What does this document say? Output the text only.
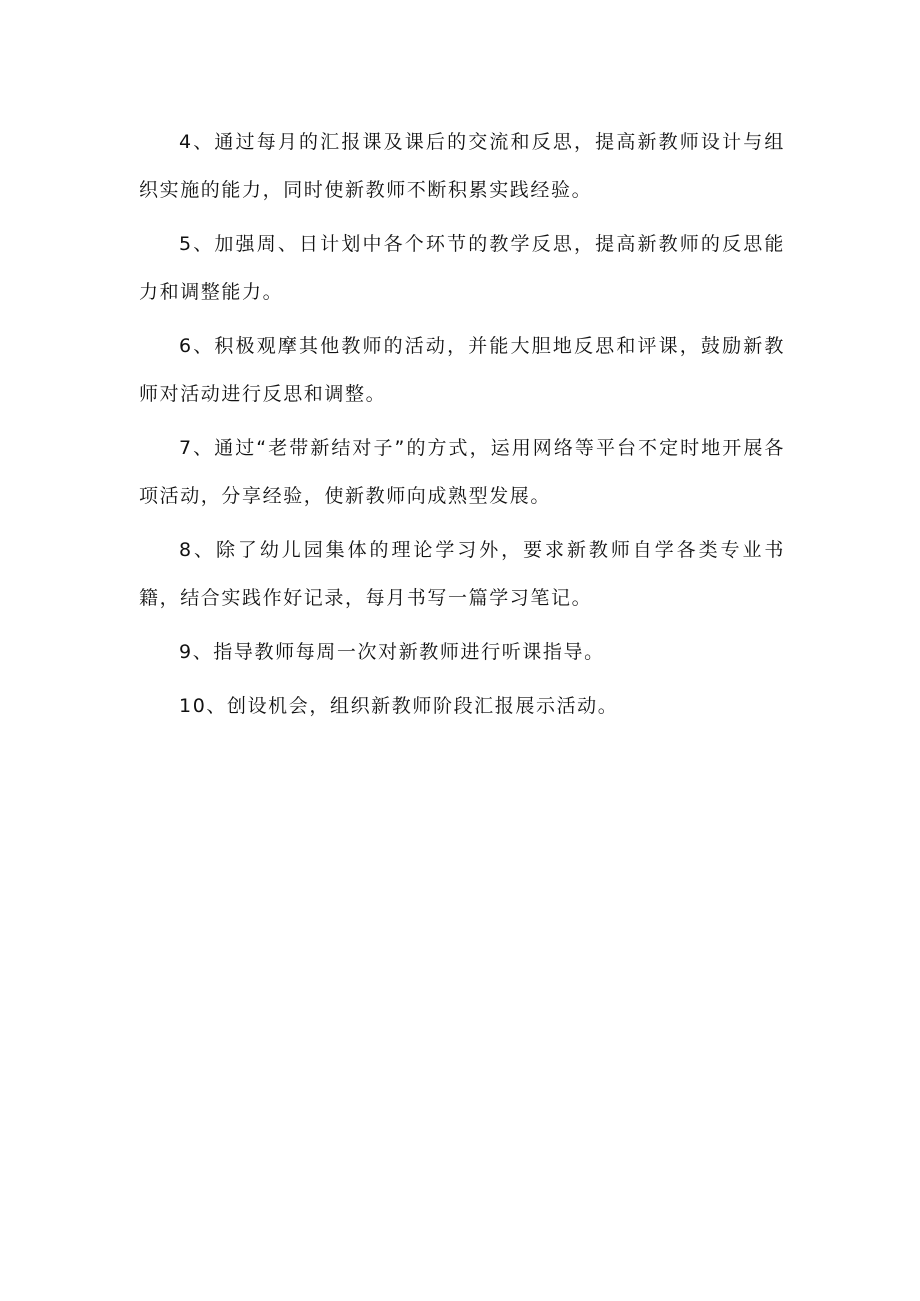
4、通过每月的汇报课及课后的交流和反思，提高新教师设计与组织实施的能力，同时使新教师不断积累实践经验。

5、加强周、日计划中各个环节的教学反思，提高新教师的反思能力和调整能力。

6、积极观摩其他教师的活动，并能大胆地反思和评课，鼓励新教师对活动进行反思和调整。

7、通过“老带新结对子”的方式，运用网络等平台不定时地开展各项活动，分享经验，使新教师向成熟型发展。

8、除了幼儿园集体的理论学习外，要求新教师自学各类专业书籍，结合实践作好记录，每月书写一篇学习笔记。

9、指导教师每周一次对新教师进行听课指导。

10、创设机会，组织新教师阶段汇报展示活动。
